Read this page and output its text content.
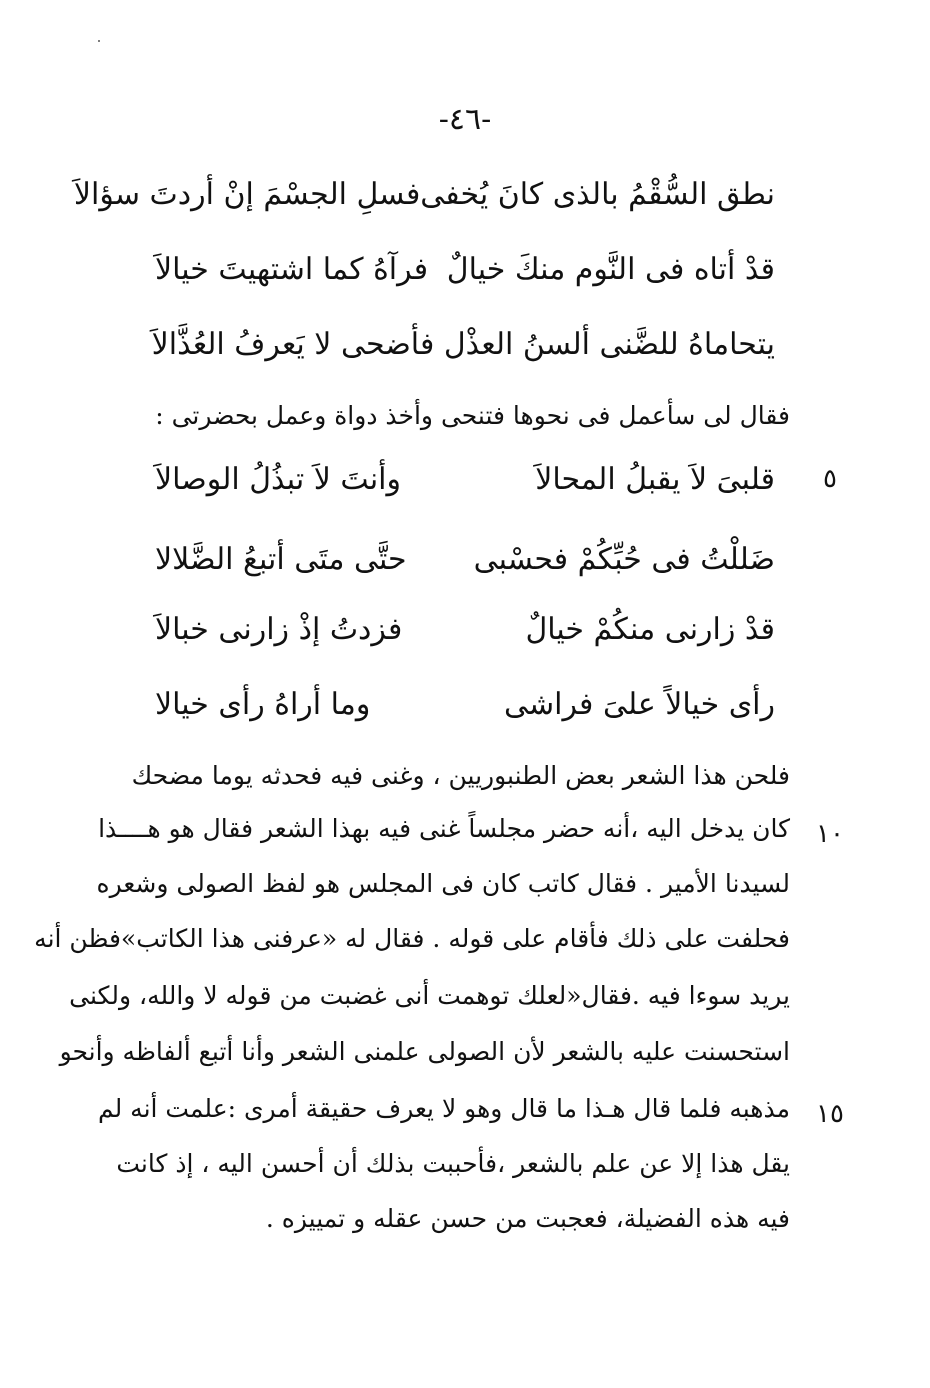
-٤٦-
نطق السُّقْمُ بالذى كانَ يُخفى
فسلِ الجسْمَ إنْ أردتَ سؤالاَ
قدْ أتاه فى النَّوم منكَ خيالٌ
فرآهُ كما اشتهيتَ خيالاَ
يتحاماهُ للضَّنى ألسنُ العذْ
ل فأضحى لا يَعرفُ العُذَّالاَ
فقال لى سأعمل فى نحوها فتنحى وأخذ دواة وعمل بحضرتى :
٥
قلبىَ لاَ يقبلُ المحالاَ
وأنتَ لاَ تبذُلُ الوصالاَ
ضَللْتُ فى حُبِّكُمْ فحسْبى
حتَّى متَى أتبعُ الضَّلالا
قدْ زارنى منكُمْ خيالٌ
فزدتُ إذْ زارنى خبالاَ
رأى خيالاً علىَ فراشى
وما أراهُ رأى خيالا
فلحن هذا الشعر بعض الطنبوريين ، وغنى فيه فحدثه يوما مضحك
١٠
كان يدخل اليه ،أنه حضر مجلساً غنى فيه بهذا الشعر فقال هو هــــذا
لسيدنا الأمير . فقال كاتب كان فى المجلس هو لفظ الصولى وشعره
فحلفت على ذلك فأقام على قوله . فقال له «عرفنى هذا الكاتب»فظن أنه
يريد سوءا فيه .فقال«لعلك توهمت أنى غضبت من قوله لا والله، ولكنى
استحسنت عليه بالشعر لأن الصولى علمنى الشعر وأنا أتبع ألفاظه وأنحو
١٥
مذهبه فلما قال هـذا ما قال وهو لا يعرف حقيقة أمرى :علمت أنه لم
يقل هذا إلا عن علم بالشعر ،فأحببت بذلك أن أحسن اليه ، إذ كانت
فيه هذه الفضيلة، فعجبت من حسن عقله و تمييزه .
